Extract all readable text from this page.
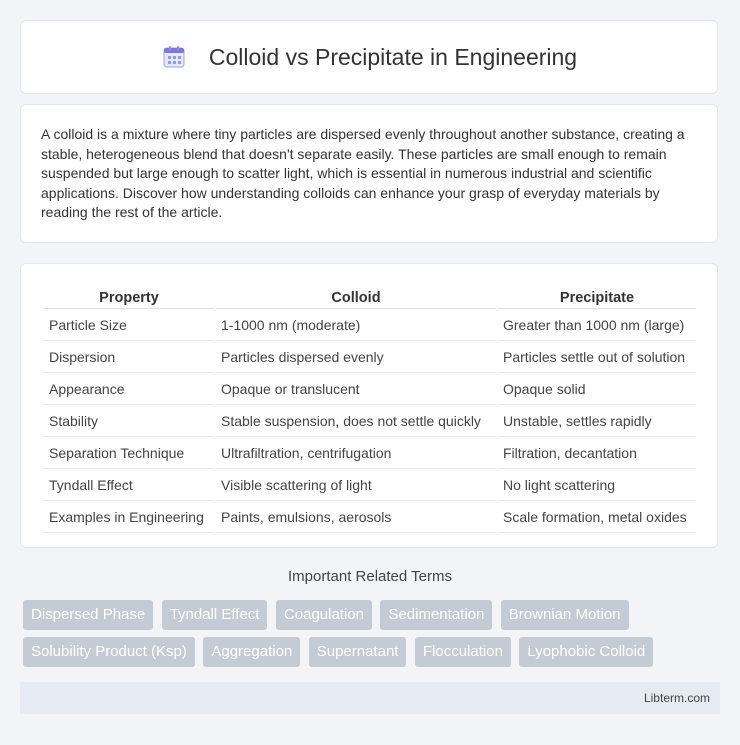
Colloid vs Precipitate in Engineering

A colloid is a mixture where tiny particles are dispersed evenly throughout another substance, creating a stable, heterogeneous blend that doesn't separate easily. These particles are small enough to remain suspended but large enough to scatter light, which is essential in numerous industrial and scientific applications. Discover how understanding colloids can enhance your grasp of everyday materials by reading the rest of the article.

Property	Colloid	Precipitate
Particle Size	1-1000 nm (moderate)	Greater than 1000 nm (large)
Dispersion	Particles dispersed evenly	Particles settle out of solution
Appearance	Opaque or translucent	Opaque solid
Stability	Stable suspension, does not settle quickly	Unstable, settles rapidly
Separation Technique	Ultrafiltration, centrifugation	Filtration, decantation
Tyndall Effect	Visible scattering of light	No light scattering
Examples in Engineering	Paints, emulsions, aerosols	Scale formation, metal oxides
Important Related Terms
Dispersed Phase Tyndall Effect Coagulation Sedimentation Brownian Motion Solubility Product (Ksp) Aggregation Supernatant Flocculation Lyophobic Colloid
Libterm.com
